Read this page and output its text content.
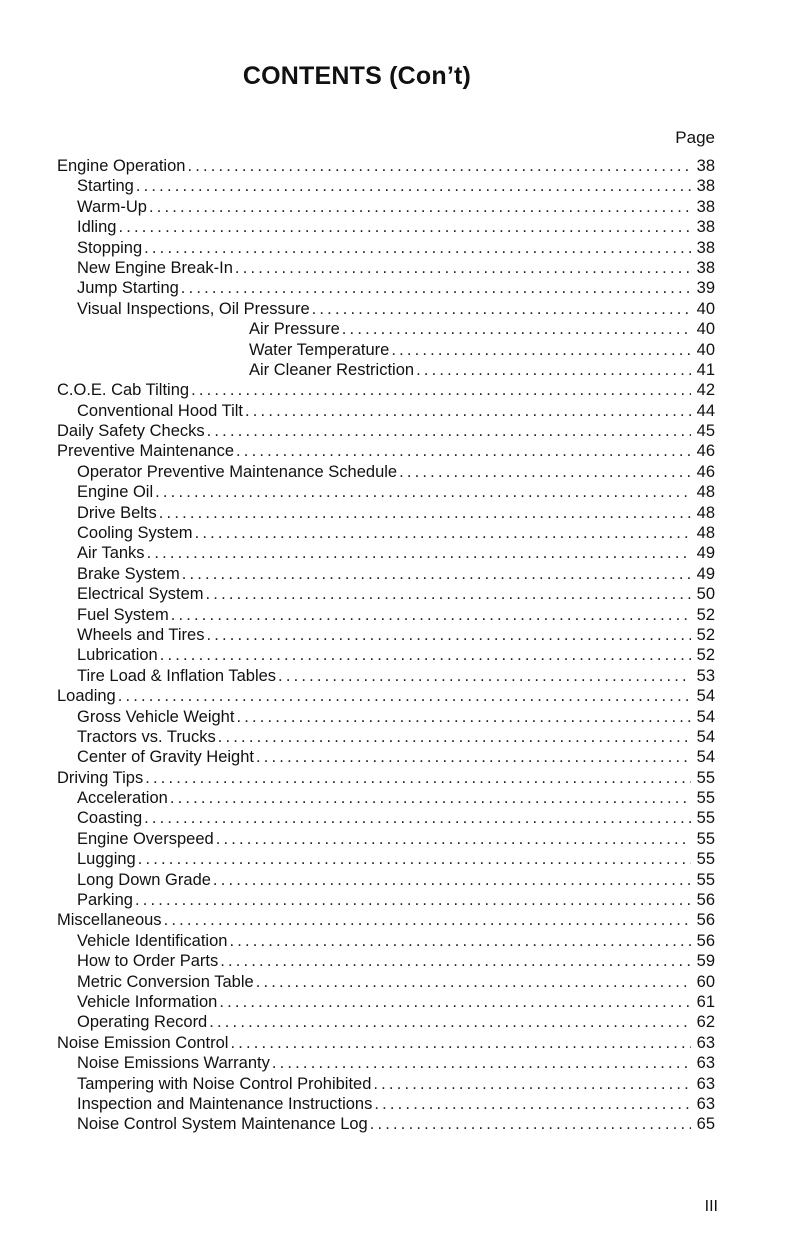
CONTENTS (Con’t)
Page
Engine Operation . . .	38
Starting . . .	38
Warm-Up . . .	38
Idling . . .	38
Stopping . . .	38
New Engine Break-In . . .	38
Jump Starting . . .	39
Visual Inspections, Oil Pressure . . .	40
Air Pressure . . .	40
Water Temperature . . .	40
Air Cleaner Restriction . . .	41
C.O.E. Cab Tilting . . .	42
Conventional Hood Tilt . . .	44
Daily Safety Checks . . .	45
Preventive Maintenance . . .	46
Operator Preventive Maintenance Schedule . . .	46
Engine Oil . . .	48
Drive Belts . . .	48
Cooling System . . .	48
Air Tanks . . .	49
Brake System . . .	49
Electrical System . . .	50
Fuel System . . .	52
Wheels and Tires . . .	52
Lubrication . . .	52
Tire Load & Inflation Tables . . .	53
Loading . . .	54
Gross Vehicle Weight . . .	54
Tractors vs. Trucks . . .	54
Center of Gravity Height . . .	54
Driving Tips . . .	55
Acceleration . . .	55
Coasting . . .	55
Engine Overspeed . . .	55
Lugging . . .	55
Long Down Grade . . .	55
Parking . . .	56
Miscellaneous . . .	56
Vehicle Identification . . .	56
How to Order Parts . . .	59
Metric Conversion Table . . .	60
Vehicle Information . . .	61
Operating Record . . .	62
Noise Emission Control . . .	63
Noise Emissions Warranty . . .	63
Tampering with Noise Control Prohibited . . .	63
Inspection and Maintenance Instructions . . .	63
Noise Control System Maintenance Log . . .	65
III
